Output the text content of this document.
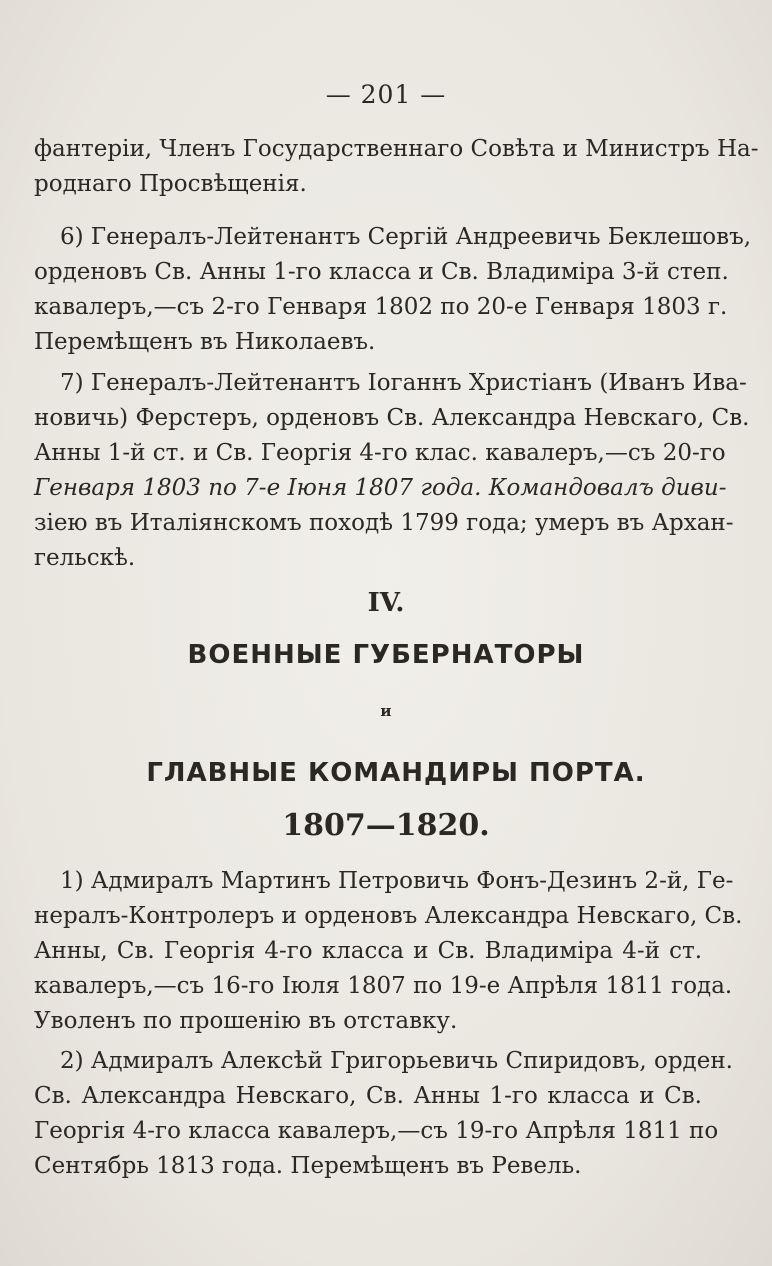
— 201 —
фантеріи, Членъ Государственнаго Совѣта и Министръ На-
роднаго Просвѣщенія.
6) Генералъ-Лейтенантъ Сергій Андреевичь Беклешовъ,
орденовъ Св. Анны 1-го класса и Св. Владиміра 3-й степ.
кавалеръ,—съ 2-го Генваря 1802 по 20-е Генваря 1803 г.
Перемѣщенъ въ Николаевъ.
7) Генералъ-Лейтенантъ Іоганнъ Христіанъ (Иванъ Ива-
новичь) Ферстеръ, орденовъ Св. Александра Невскаго, Св.
Анны 1-й ст. и Св. Георгія 4-го клас. кавалеръ,—съ 20-го
Генваря 1803 по 7-е Іюня 1807 года. Командовалъ диви-
зіею въ Италіянскомъ походѣ 1799 года; умеръ въ Архан-
гельскѣ.
IV.
ВОЕННЫЕ ГУБЕРНАТОРЫ
и
ГЛАВНЫЕ КОМАНДИРЫ ПОРТА.
1807—1820.
1) Адмиралъ Мартинъ Петровичь Фонъ-Дезинъ 2-й, Ге-
нералъ-Контролеръ и орденовъ Александра Невскаго, Св.
Анны, Св. Георгія 4-го класса и Св. Владиміра 4-й ст.
кавалеръ,—съ 16-го Іюля 1807 по 19-е Апрѣля 1811 года.
Уволенъ по прошенію въ отставку.
2) Адмиралъ Алексѣй Григорьевичь Спиридовъ, орден.
Св. Александра Невскаго, Св. Анны 1-го класса и Св.
Георгія 4-го класса кавалеръ,—съ 19-го Апрѣля 1811 по
Сентябрь 1813 года. Перемѣщенъ въ Ревель.
